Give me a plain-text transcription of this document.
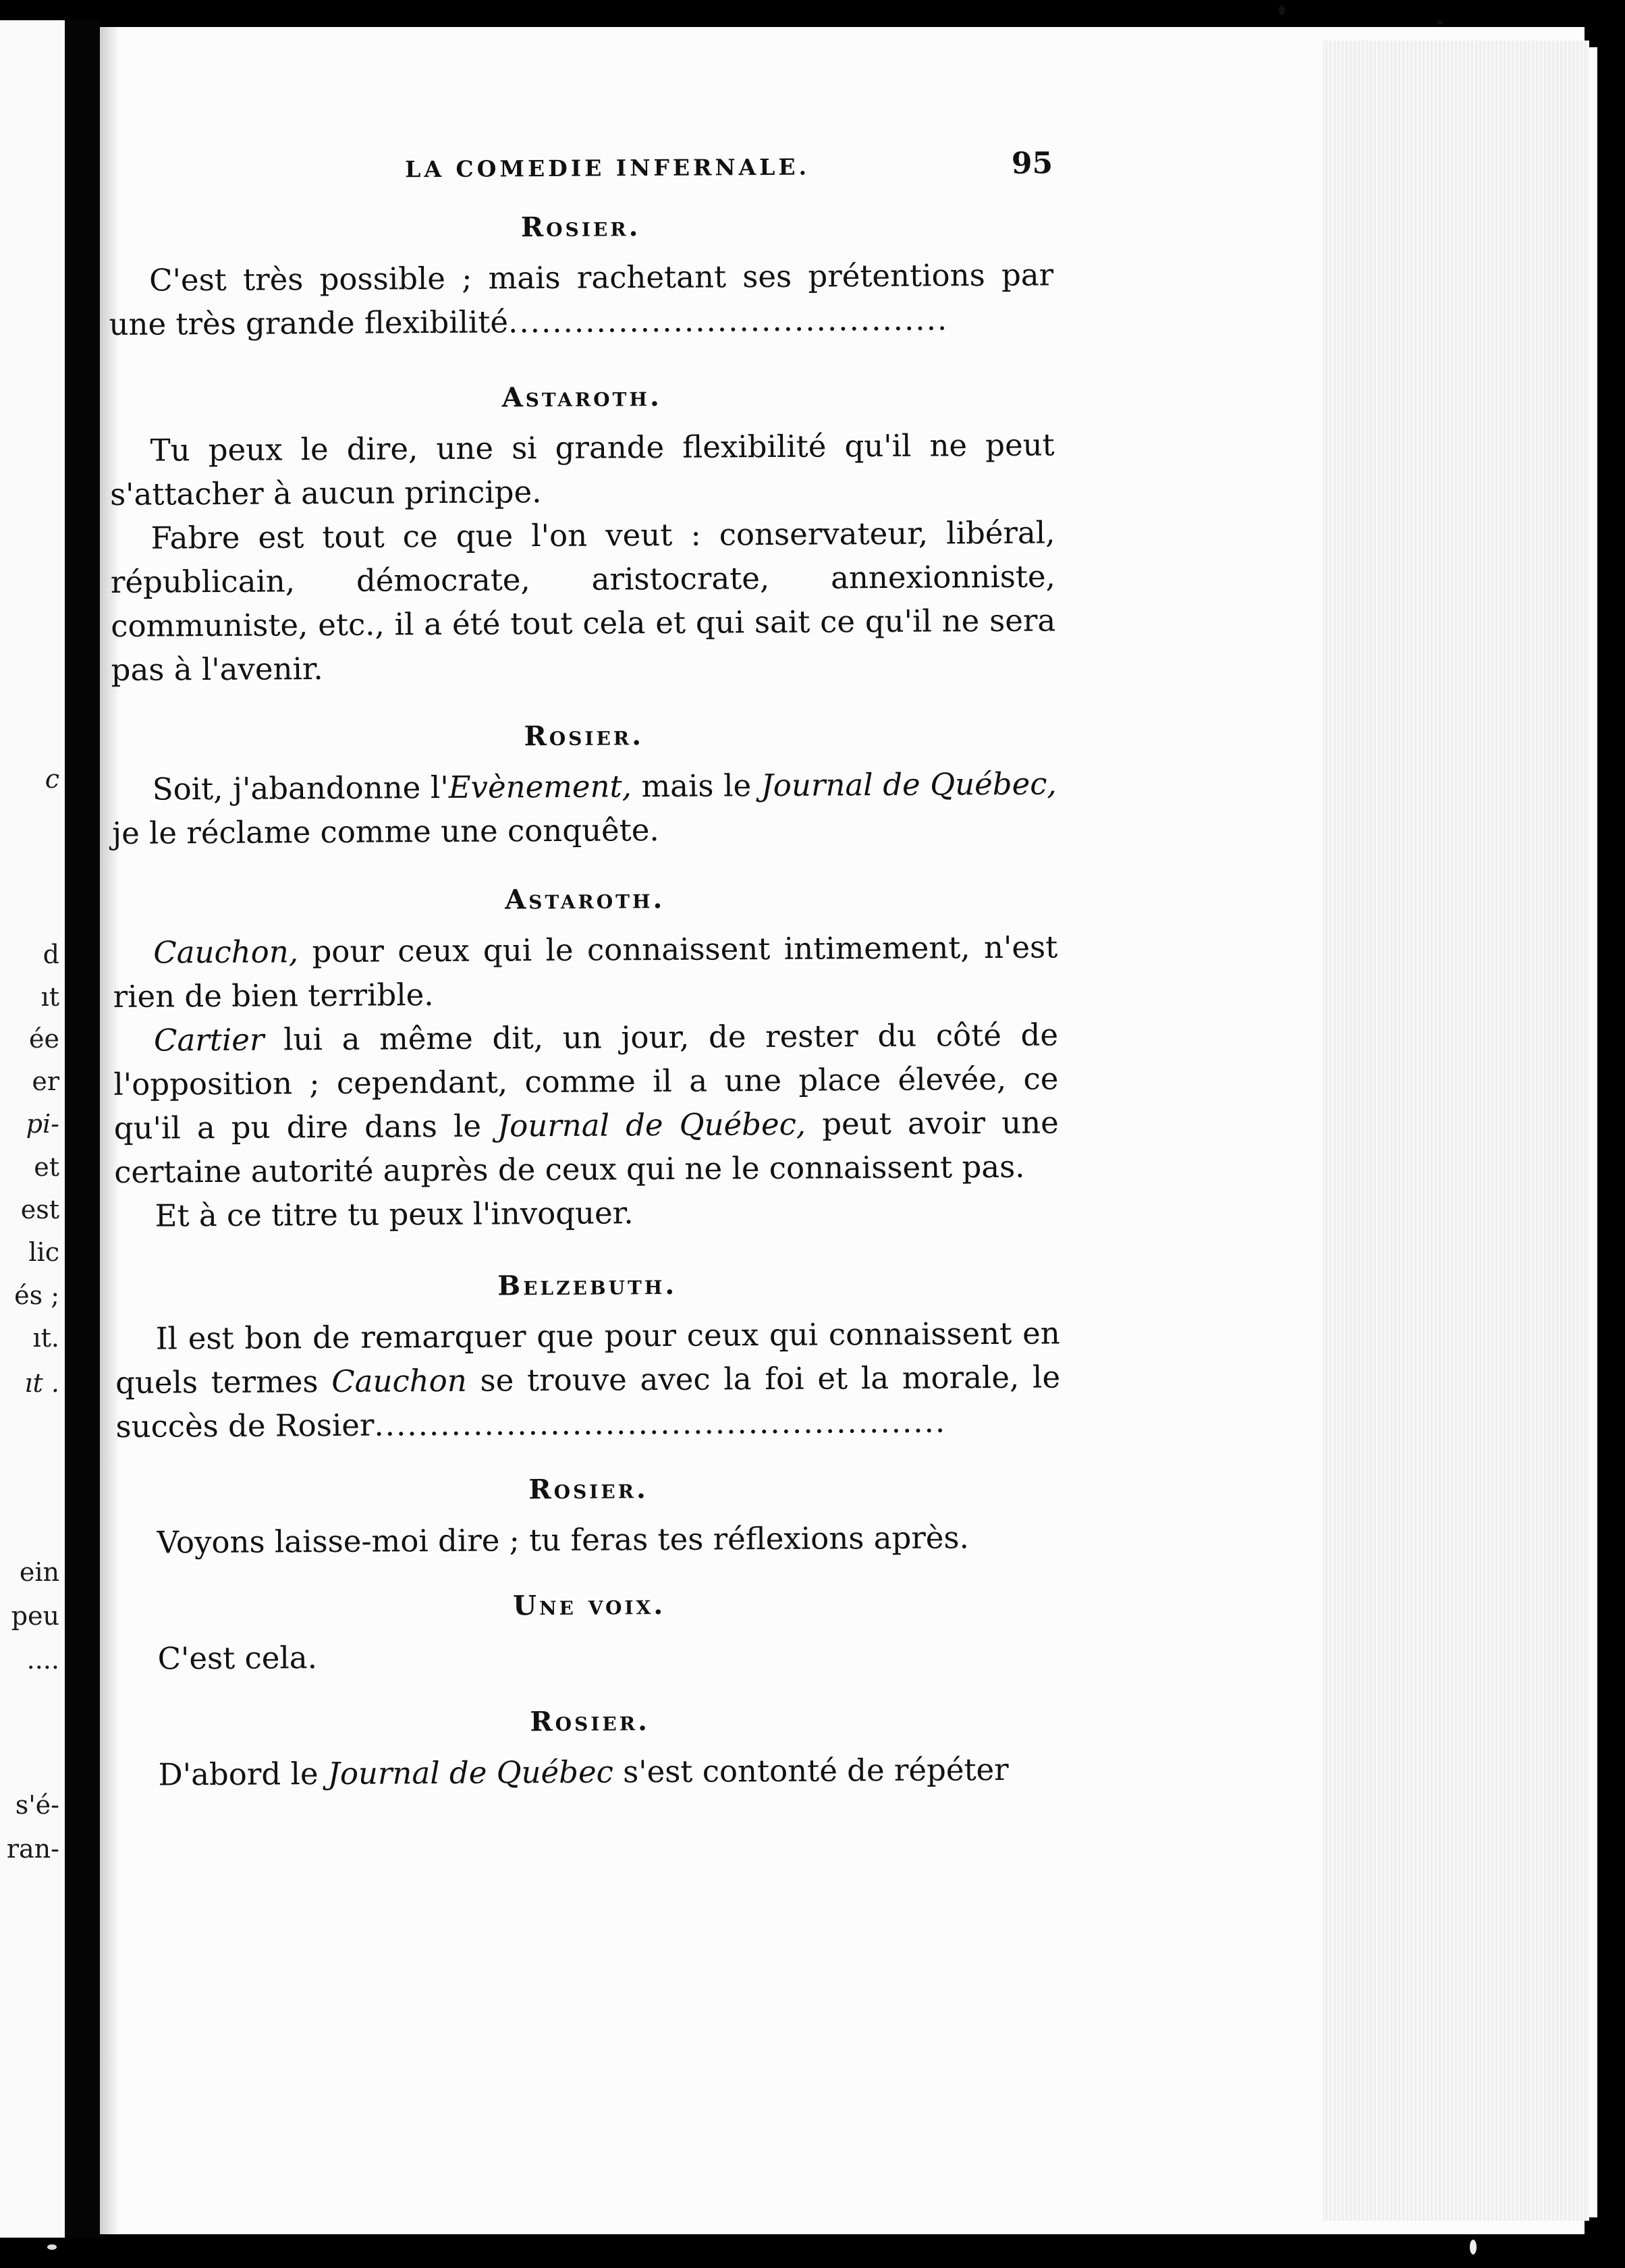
c
d
ıt
ée
er
pi-
et
est
lic
és ;
ıt.
ıt .
ein
peu
....
s'é-
ran-
LA COMEDIE INFERNALE.	95

Rosier.

C'est très possible ; mais rachetant ses prétentions par une très grande flexibilité........................................

Astaroth.

Tu peux le dire, une si grande flexibilité qu'il ne peut s'attacher à aucun principe.

Fabre est tout ce que l'on veut : conservateur, libéral, républicain, démocrate, aristocrate, annexionniste, communiste, etc., il a été tout cela et qui sait ce qu'il ne sera pas à l'avenir.

Rosier.

Soit, j'abandonne l'Evènement, mais le Journal de Québec, je le réclame comme une conquête.

Astaroth.

Cauchon, pour ceux qui le connaissent intimement, n'est rien de bien terrible.

Cartier lui a même dit, un jour, de rester du côté de l'opposition ; cependant, comme il a une place élevée, ce qu'il a pu dire dans le Journal de Québec, peut avoir une certaine autorité auprès de ceux qui ne le connaissent pas.

Et à ce titre tu peux l'invoquer.

Belzebuth.

Il est bon de remarquer que pour ceux qui connaissent en quels termes Cauchon se trouve avec la foi et la morale, le succès de Rosier....................................................

Rosier.

Voyons laisse-moi dire ; tu feras tes réflexions après.

Une voix.

C'est cela.

Rosier.

D'abord le Journal de Québec s'est contonté de répéter
